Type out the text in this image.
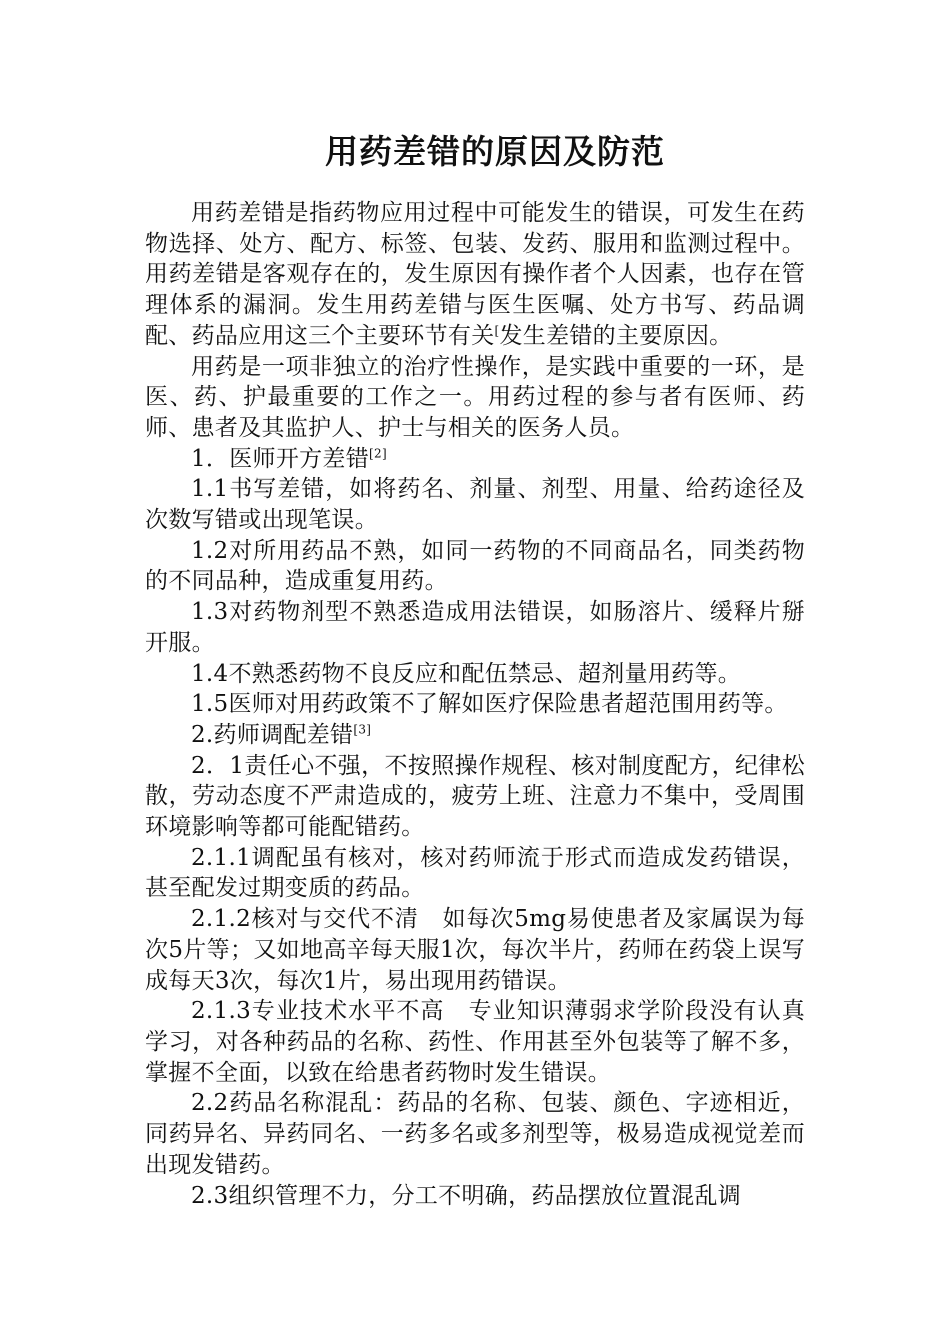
用药差错的原因及防范

用药差错是指药物应用过程中可能发生的错误，可发生在药物选择、处方、配方、标签、包装、发药、服用和监测过程中。用药差错是客观存在的，发生原因有操作者个人因素，也存在管理体系的漏洞。发生用药差错与医生医嘱、处方书写、药品调配、药品应用这三个主要环节有关[发生差错的主要原因。

用药是一项非独立的治疗性操作，是实践中重要的一环，是医、药、护最重要的工作之一。用药过程的参与者有医师、药师、患者及其监护人、护士与相关的医务人员。

1．医师开方差错[2]

1.1书写差错，如将药名、剂量、剂型、用量、给药途径及次数写错或出现笔误。

1.2对所用药品不熟，如同一药物的不同商品名，同类药物的不同品种，造成重复用药。

1.3对药物剂型不熟悉造成用法错误，如肠溶片、缓释片掰开服。

1.4不熟悉药物不良反应和配伍禁忌、超剂量用药等。

1.5医师对用药政策不了解如医疗保险患者超范围用药等。

2.药师调配差错[3]

2．1责任心不强，不按照操作规程、核对制度配方，纪律松散，劳动态度不严肃造成的，疲劳上班、注意力不集中，受周围环境影响等都可能配错药。

2.1.1调配虽有核对，核对药师流于形式而造成发药错误，甚至配发过期变质的药品。

2.1.2核对与交代不清　如每次5mg易使患者及家属误为每次5片等；又如地高辛每天服1次，每次半片，药师在药袋上误写成每天3次，每次1片，易出现用药错误。

2.1.3专业技术水平不高　专业知识薄弱求学阶段没有认真学习，对各种药品的名称、药性、作用甚至外包装等了解不多，掌握不全面，以致在给患者药物时发生错误。

2.2药品名称混乱：药品的名称、包装、颜色、字迹相近，同药异名、异药同名、一药多名或多剂型等，极易造成视觉差而出现发错药。

2.3组织管理不力，分工不明确，药品摆放位置混乱调
